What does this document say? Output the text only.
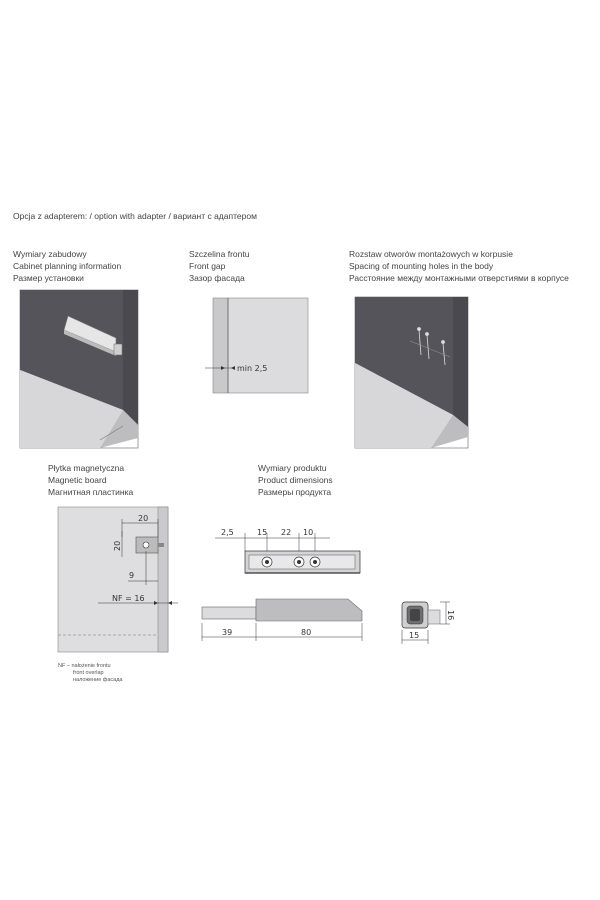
Opcja z adapterem: / option with adapter / вариант с адаптером
Wymiary zabudowy
Cabinet planning information
Размер установки
Szczelina frontu
Front gap
Зазор фасада
min 2,5
Rozstaw otworów montażowych w korpusie
Spacing of mounting holes in the body
Расстояние между монтажными отверстиями в корпусе
Płytka magnetyczna
Magnetic board
Магнитная пластинка
20
20
9
NF = 16
NF – nałożenie frontu
front overlap
наложение фасада
Wymiary produktu
Product dimensions
Размеры продукта
2,5	15 22 10
39	80
16
15
